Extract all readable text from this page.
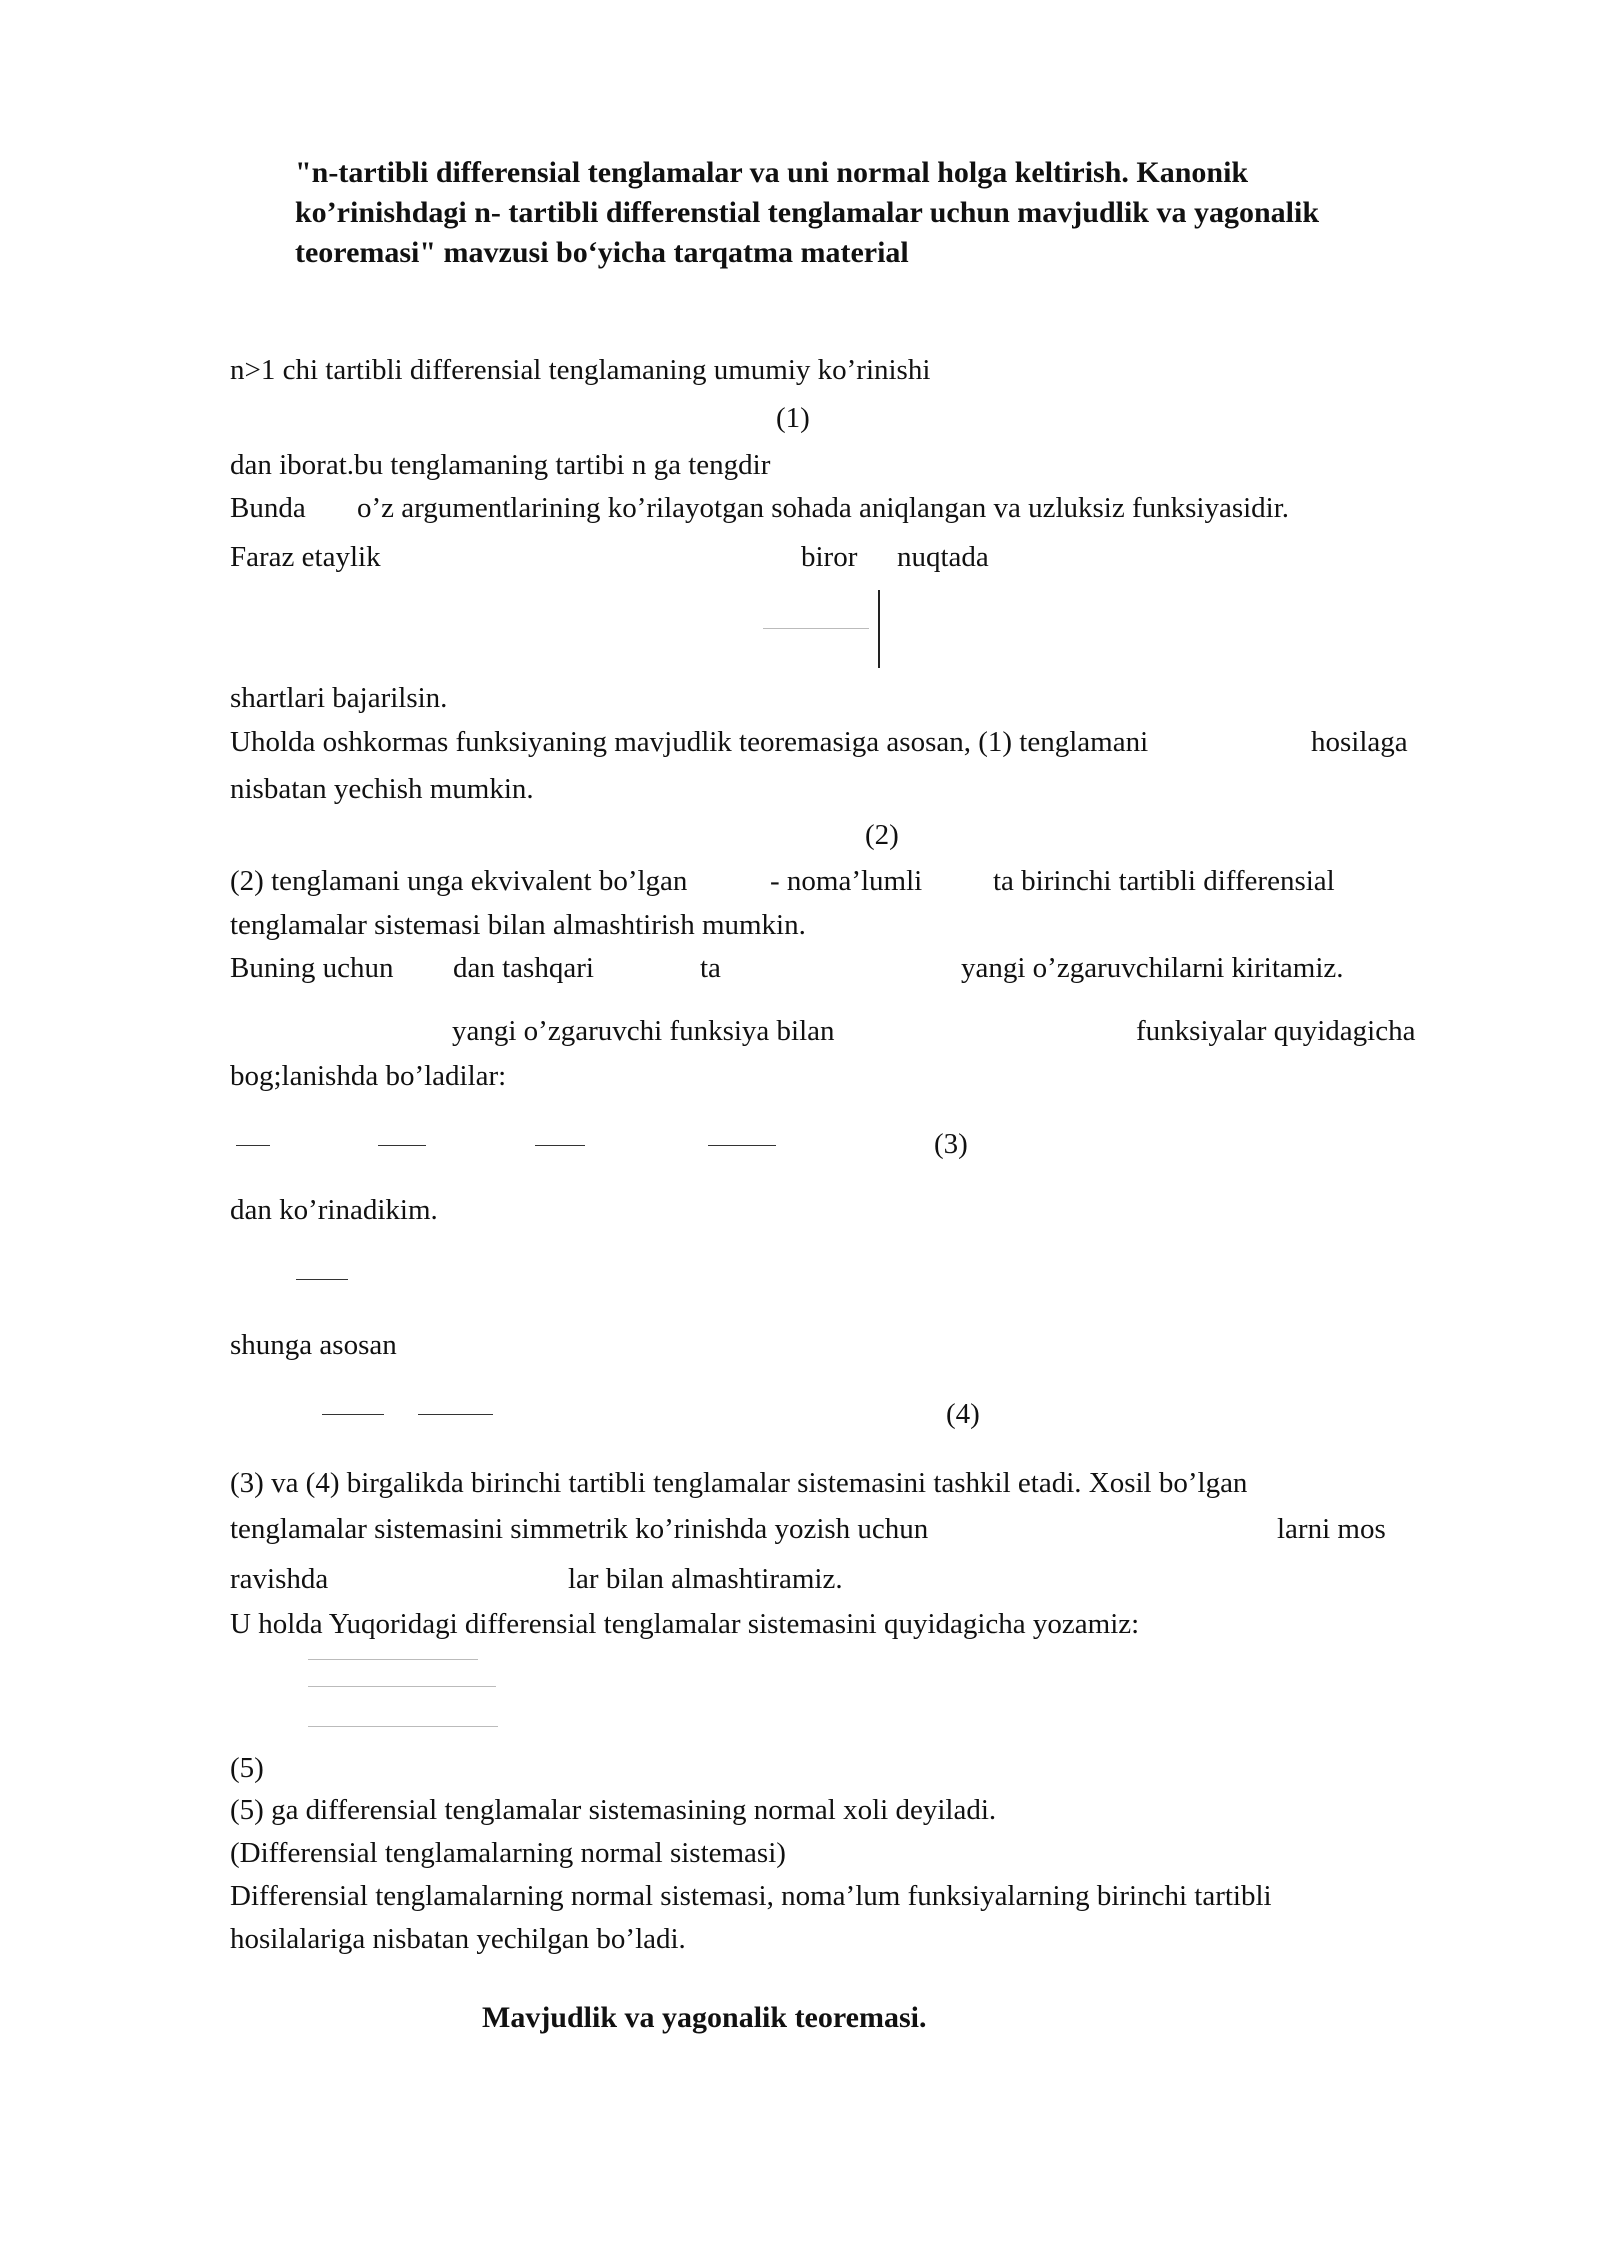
"n-tartibli differensial tenglamalar va uni normal holga keltirish. Kanonik
ko’rinishdagi n- tartibli differenstial tenglamalar uchun mavjudlik va yagonalik
teoremasi" mavzusi bo‘yicha tarqatma material
n>1 chi tartibli differensial tenglamaning umumiy ko’rinishi
(1)
dan iborat.bu tenglamaning tartibi n ga tengdir
Bunda o’z argumentlarining ko’rilayotgan sohada aniqlangan va uzluksiz funksiyasidir.
Faraz etaylik	biror nuqtada
shartlari bajarilsin.
Uholda oshkormas funksiyaning mavjudlik teoremasiga asosan, (1) tenglamani	hosilaga
nisbatan yechish mumkin.
(2)
(2) tenglamani unga ekvivalent bo’lgan	- noma’lumli ta birinchi tartibli differensial
tenglamalar sistemasi bilan almashtirish mumkin.
Buning uchun dan tashqari	ta	yangi o’zgaruvchilarni kiritamiz.
yangi o’zgaruvchi funksiya bilan	funksiyalar quyidagicha
bog;lanishda bo’ladilar:
(3)
dan ko’rinadikim.
shunga asosan
(4)
(3) va (4) birgalikda birinchi tartibli tenglamalar sistemasini tashkil etadi. Xosil bo’lgan
tenglamalar sistemasini simmetrik ko’rinishda yozish uchun	larni mos
ravishda	lar bilan almashtiramiz.
U holda Yuqoridagi differensial tenglamalar sistemasini quyidagicha yozamiz:
(5)
(5) ga differensial tenglamalar sistemasining normal xoli deyiladi.
(Differensial tenglamalarning normal sistemasi)
Differensial tenglamalarning normal sistemasi, noma’lum funksiyalarning birinchi tartibli
hosilalariga nisbatan yechilgan bo’ladi.
Mavjudlik va yagonalik teoremasi.
